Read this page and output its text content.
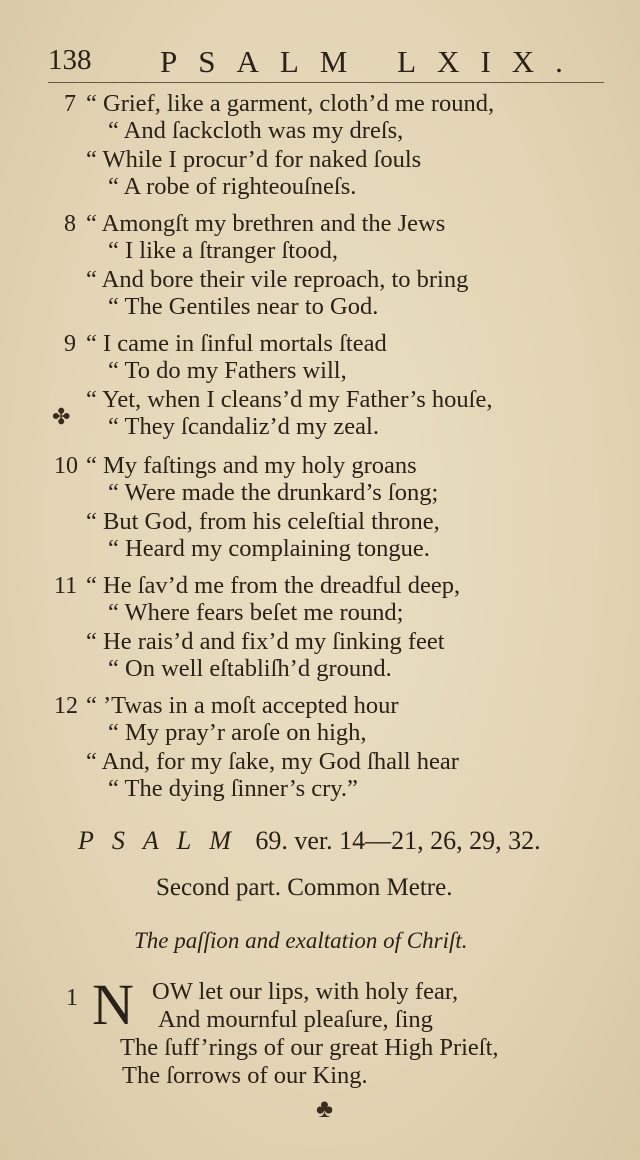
138 PSALM LXIX.
7 “ Grief, like a garment, cloth’d me round,
“ And ſackcloth was my dreſs,
“ While I procur’d for naked ſouls
“ A robe of righteouſneſs.
8 “ Amongſt my brethren and the Jews
“ I like a ſtranger ſtood,
“ And bore their vile reproach, to bring
“ The Gentiles near to God.
9 “ I came in ſinful mortals ſtead
“ To do my Fathers will,
“ Yet, when I cleans’d my Father’s houſe,
“ They ſcandaliz’d my zeal.
10 “ My faſtings and my holy groans
“ Were made the drunkard’s ſong;
“ But God, from his celeſtial throne,
“ Heard my complaining tongue.
11 “ He ſav’d me from the dreadful deep,
“ Where fears beſet me round;
“ He rais’d and fix’d my ſinking feet
“ On well eſtabliſh’d ground.
12 “ ’Twas in a moſt accepted hour
“ My pray’r aroſe on high,
“ And, for my ſake, my God ſhall hear
“ The dying ſinner’s cry.”
PSALM 69. ver. 14—21, 26, 29, 32.
Second part. Common Metre.
The paſſion and exaltation of Chriſt.
1 N OW let our lips, with holy fear,
And mournful pleaſure, ſing
The ſuff’rings of our great High Prieſt,
The ſorrows of our King.
✤
♣
